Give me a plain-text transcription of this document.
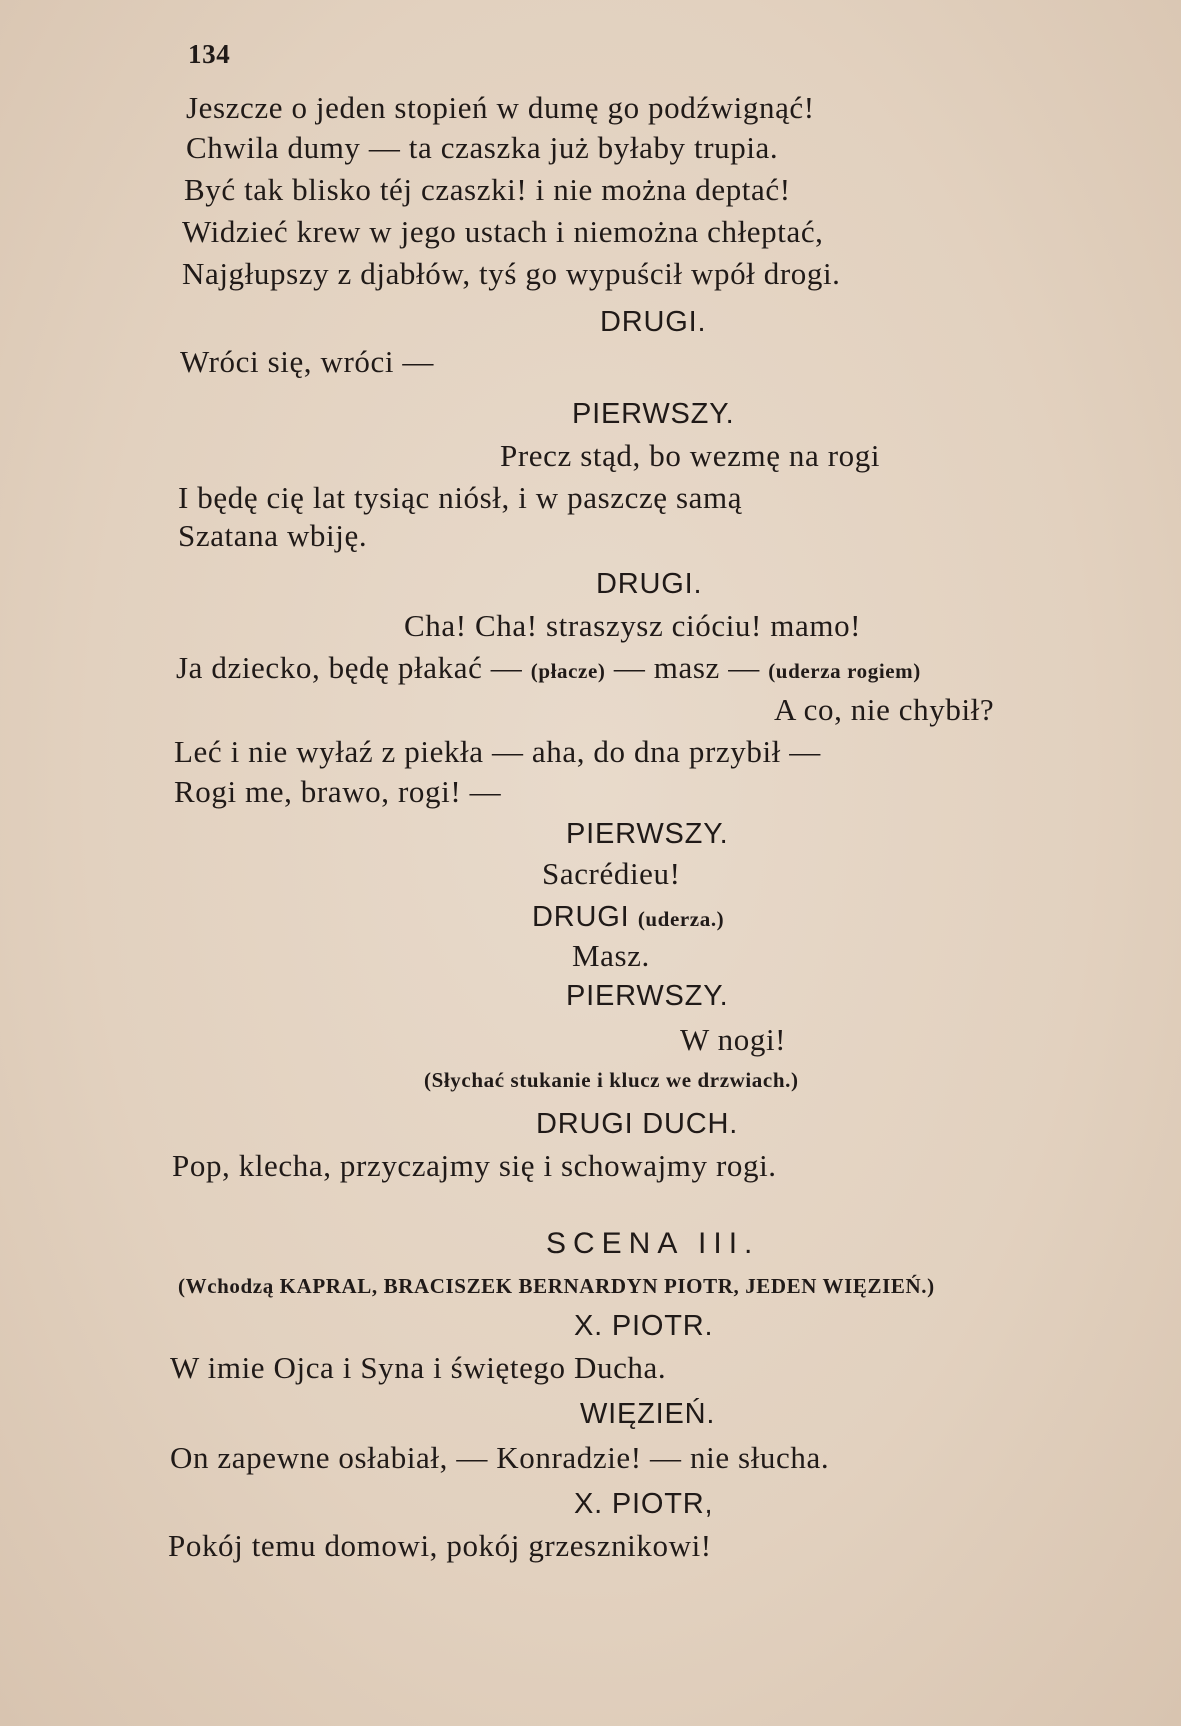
134
Jeszcze o jeden stopień w dumę go podźwignąć!
Chwila dumy — ta czaszka już byłaby trupia.
Być tak blisko téj czaszki! i nie można deptać!
Widzieć krew w jego ustach i niemożna chłeptać,
Najgłupszy z djabłów, tyś go wypuścił wpół drogi.
DRUGI.
Wróci się, wróci —
PIERWSZY.
Precz stąd, bo wezmę na rogi
I będę cię lat tysiąc niósł, i w paszczę samą
Szatana wbiję.
DRUGI.
Cha! Cha! straszysz cióciu! mamo!
Ja dziecko, będę płakać — (płacze) — masz — (uderza rogiem)
A co, nie chybił?
Leć i nie wyłaź z piekła — aha, do dna przybił —
Rogi me, brawo, rogi! —
PIERWSZY.
Sacrédieu!
DRUGI (uderza.)
Masz.
PIERWSZY.
W nogi!
(Słychać stukanie i klucz we drzwiach.)
DRUGI DUCH.
Pop, klecha, przyczajmy się i schowajmy rogi.
SCENA III.
(Wchodzą KAPRAL, BRACISZEK BERNARDYN PIOTR, JEDEN WIĘZIEŃ.)
X. PIOTR.
W imie Ojca i Syna i świętego Ducha.
WIĘZIEŃ.
On zapewne osłabiał, — Konradzie! — nie słucha.
X. PIOTR,
Pokój temu domowi, pokój grzesznikowi!
